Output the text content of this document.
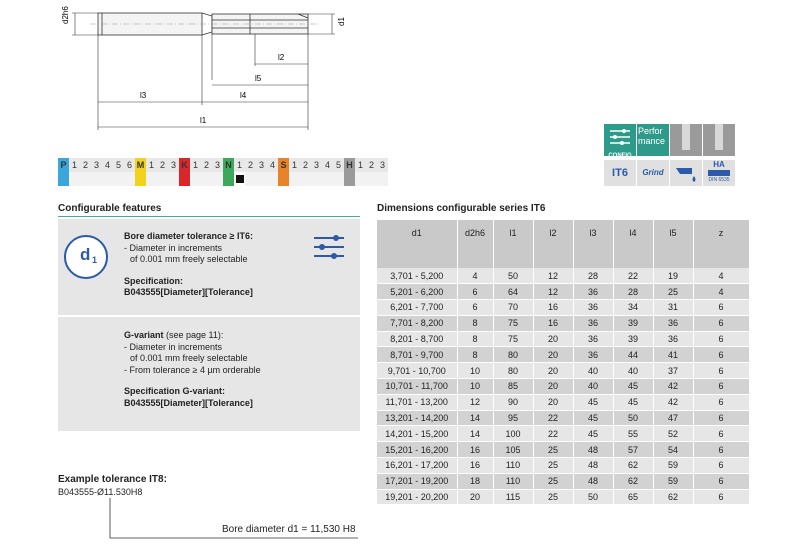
d2h6	d1
l2
l5
l3	l4
l1
P 1 2 3 4 5 6 M 1 2 3 K 1 2 3 N 1 2 3 4 S 1 2 3 4 5 H 1 2 3
CONFIG
Perfor mance
IT6	Grind
HA
DIN 6535
Configurable features
d 1
Bore diameter tolerance ≥ IT6:
- Diameter in increments
of 0.001 mm freely selectable
Specification:
B043555[Diameter][Tolerance]
G-variant (see page 11):
- Diameter in increments
of 0.001 mm freely selectable
- From tolerance ≥ 4 µm orderable
Specification G-variant:
B043555[Diameter][Tolerance]
Example tolerance IT8:
B043555-Ø11.530H8
Bore diameter d1 = 11,530 H8
Dimensions configurable series IT6
d1	d2h6	l1	l2	l3	l4	l5	z
3,701 - 5,200	4	50	12	28	22	19	4
5,201 - 6,200	6	64	12	36	28	25	4
6,201 - 7,700	6	70	16	36	34	31	6
7,701 - 8,200	8	75	16	36	39	36	6
8,201 - 8,700	8	75	20	36	39	36	6
8,701 - 9,700	8	80	20	36	44	41	6
9,701 - 10,700	10	80	20	40	40	37	6
10,701 - 11,700	10	85	20	40	45	42	6
11,701 - 13,200	12	90	20	45	45	42	6
13,201 - 14,200	14	95	22	45	50	47	6
14,201 - 15,200	14	100	22	45	55	52	6
15,201 - 16,200	16	105	25	48	57	54	6
16,201 - 17,200	16	110	25	48	62	59	6
17,201 - 19,200	18	110	25	48	62	59	6
19,201 - 20,200	20	115	25	50	65	62	6
